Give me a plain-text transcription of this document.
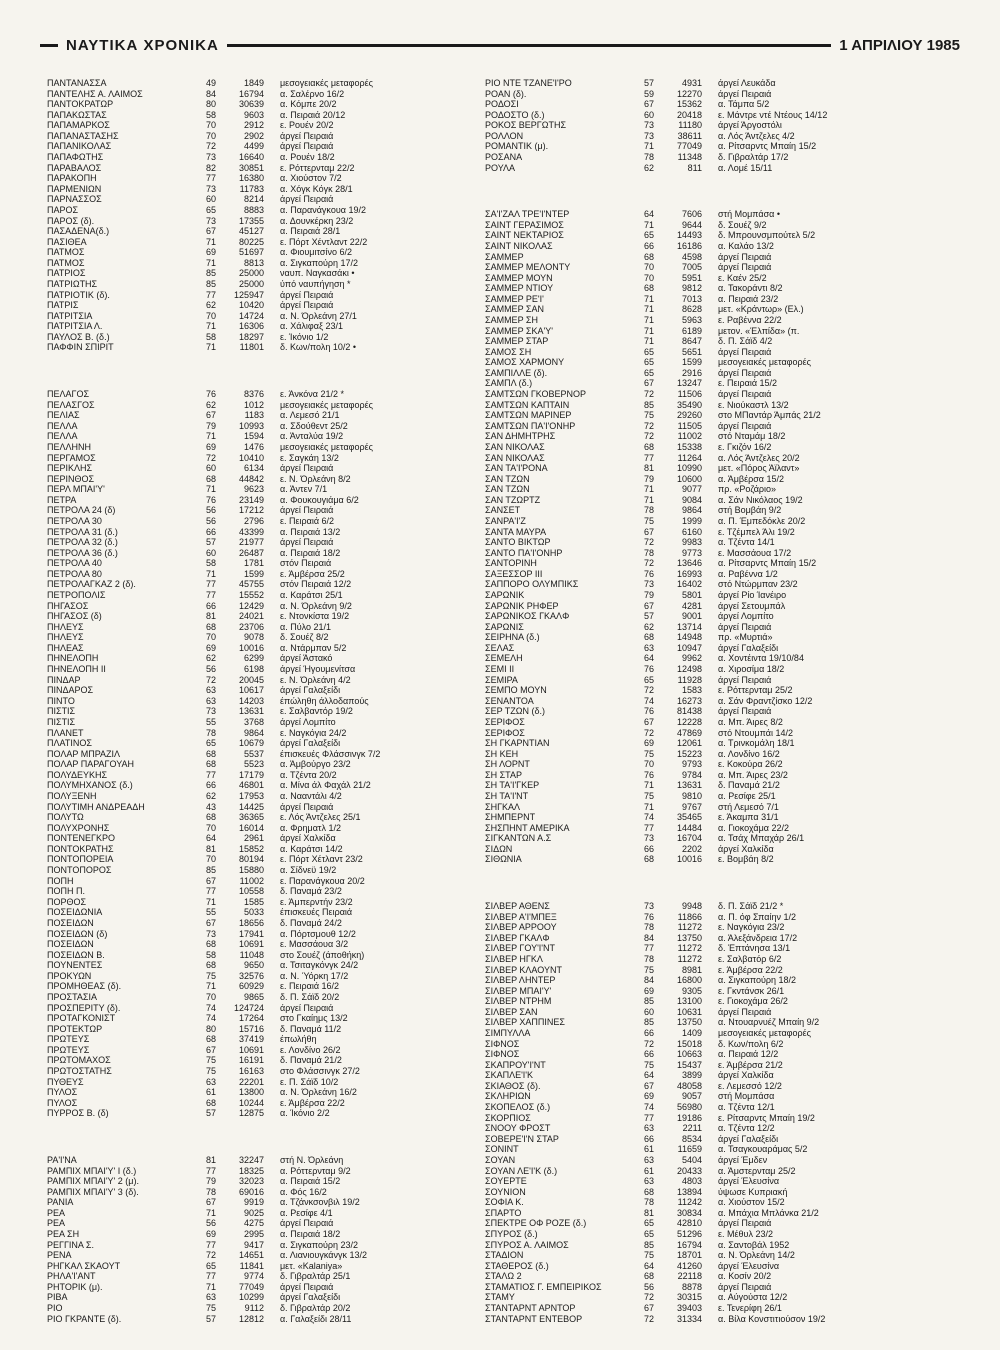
ΝΑΥΤΙΚΑ ΧΡΟΝΙΚΑ	1 ΑΠΡΙΛΙΟΥ 1985
ΠΑΝΤΑΝΑΣΣΑ	49	1849	μεσογειακές μεταφορές
ΠΑΝΤΕΛΗΣ Α. ΛΑΙΜΟΣ	84	16794	α. Σαλέρνο 16/2
ΠΑΝΤΟΚΡΑΤΩΡ	80	30639	α. Κόμπε 20/2
ΠΑΠΑΚΩΣΤΑΣ	58	9603	α. Πειραιά 20/12
ΠΑΠΑΜΑΡΚΟΣ	70	2912	ε. Ρουέν 20/2
ΠΑΠΑΝΑΣΤΑΣΗΣ	70	2902	άργεί Πειραιά
ΠΑΠΑΝΙΚΟΛΑΣ	72	4499	άργεί Πειραιά
ΠΑΠΑΦΩΤΗΣ	73	16640	α. Ρουέν 18/2
ΠΑΡΑΒΑΛΟΣ	82	30851	ε. Ρόττερνταμ 22/2
ΠΑΡΑΚΟΠΗ	77	16380	α. Χιούστον 7/2
ΠΑΡΜΕΝΙΩΝ	73	11783	α. Χόγκ Κόγκ 28/1
ΠΑΡΝΑΣΣΟΣ	60	8214	άργεί Πειραιά
ΠΑΡΟΣ	65	8883	α. Παρανάγκουα 19/2
ΠΑΡΟΣ (δ).	73	17355	α. Δουνκέρκη 23/2
ΠΑΣΑΔΕΝΑ(δ.)	67	45127	α. Πειραιά 28/1
ΠΑΣΙΘΕΑ	71	80225	ε. Πόρτ Χέντλαντ 22/2
ΠΑΤΜΟΣ	69	51697	α. Φιουμιτσίνο 6/2
ΠΑΤΜΟΣ	71	8813	α. Σιγκαπούρη 17/2
ΠΑΤΡΙΟΣ	85	25000	ναυπ. Ναγκασάκι •
ΠΑΤΡΙΩΤΗΣ	85	25000	ύπό ναυπήγηση *
ΠΑΤΡΙΟΤΙΚ (δ).	77	125947	άργεί Πειραιά
ΠΑΤΡΙΣ	62	10420	άργεί Πειραιά
ΠΑΤΡΙΤΣΙΑ	70	14724	α. Ν. Όρλεάνη 27/1
ΠΑΤΡΙΤΣΙΑ Λ.	71	16306	α. Χάλιφαξ 23/1
ΠΑΥΛΟΣ Β. (δ.)	58	18297	ε. Ίκόνιο 1/2
ΠΑΦΦΙΝ ΣΠΙΡΙΤ	71	11801	δ. Κων/πολη 10/2 •
ΠΕΛΑΓΟΣ	76	8376	ε. Άνκόνα 21/2 *
ΠΕΛΑΣΓΟΣ	62	1012	μεσογειακές μεταφορές
ΠΕΛΙΑΣ	67	1183	α. Λεμεσό 21/1
ΠΕΛΛΑ	79	10993	α. Σδούθεντ 25/2
ΠΕΛΛΑ	71	1594	α. Άνταλύα 19/2
ΠΕΛΛΗΝΗ	69	1476	μεσογειακές μεταφορές
ΠΕΡΓΑΜΟΣ	72	10410	ε. Σαγκάη 13/2
ΠΕΡΙΚΛΗΣ	60	6134	άργεί Πειραιά
ΠΕΡΙΝΘΟΣ	68	44842	ε. Ν. Όρλεάνη 8/2
ΠΕΡΛ ΜΠΑΙ'Υ'	71	9623	α. Άντεν 7/1
ΠΕΤΡΑ	76	23149	α. Φουκουγιάμα 6/2
ΠΕΤΡΟΛΑ 24 (δ)	56	17212	άργεί Πειραιά
ΠΕΤΡΟΛΑ 30	56	2796	ε. Πειραιά 6/2
ΠΕΤΡΟΛΑ 31 (δ.)	66	43399	α. Πειραιά 13/2
ΠΕΤΡΟΛΑ 32 (δ.)	57	21977	άργεί Πειραιά
ΠΕΤΡΟΛΑ 36 (δ.)	60	26487	α. Πειραιά 18/2
ΠΕΤΡΟΛΑ 40	58	1781	στόν Πειραιά
ΠΕΤΡΟΛΑ 80	71	1599	ε. Άμβέρσα 25/2
ΠΕΤΡΟΛΑΓΚΑΖ 2 (δ).	77	45755	στόν Πειραιά 12/2
ΠΕΤΡΟΠΟΛΙΣ	77	15552	α. Καράτσι 25/1
ΠΗΓΑΣΟΣ	66	12429	α. Ν. Όρλεάνη 9/2
ΠΗΓΑΣΟΣ (δ)	81	24021	ε. Ντονκίστα 19/2
ΠΗΛΕΥΣ	68	23706	α. Πύλο 21/1
ΠΗΛΕΥΣ	70	9078	δ. Σουέζ 8/2
ΠΗΛΕΑΣ	69	10016	α. Ντάρμπαν 5/2
ΠΗΝΕΛΟΠΗ	62	6299	άργεί Άστακό
ΠΗΝΕΛΟΠΗ ΙΙ	56	6198	άργεί Ήγουμενίτσα
ΠΙΝΔΑΡ	72	20045	ε. Ν. Όρλεάνη 4/2
ΠΙΝΔΑΡΟΣ	63	10617	άργεί Γαλαξείδι
ΠΙΝΤΟ	63	14203	έπώληθη άλλοδαπούς
ΠΙΣΤΙΣ	73	13631	ε. Σαλβαντόρ 19/2
ΠΙΣΤΙΣ	55	3768	άργεί Λομπίτο
ΠΛΑΝΕΤ	78	9864	ε. Ναγκόγια 24/2
ΠΛΑΤΙΝΟΣ	65	10679	άργεί Γαλαξείδι
ΠΟΛΑΡ ΜΠΡΑΖΙΛ	68	5537	έπισκευές Φλάσσινγκ 7/2
ΠΟΛΑΡ ΠΑΡΑΓΟΥΑΗ	68	5523	α. Άμβούργο 23/2
ΠΟΛΥΔΕΥΚΗΣ	77	17179	α. Τζέντα 20/2
ΠΟΛΥΜΗΧΑΝΟΣ (δ.)	66	46801	α. Μίνα άλ Φαχάλ 21/2
ΠΟΛΥΞΕΝΗ	62	17953	α. Νααντάλι 4/2
ΠΟΛΥΤΙΜΗ ΑΝΔΡΕΑΔΗ	43	14425	άργεί Πειραιά
ΠΟΛΥΤΩ	68	36365	ε. Λός Άντζελες 25/1
ΠΟΛΥΧΡΟΝΗΣ	70	16014	α. Φρηματλ 1/2
ΠΟΝΤΕΝΕΓΚΡΟ	64	2961	άργεί Χαλκίδα
ΠΟΝΤΟΚΡΑΤΗΣ	81	15852	α. Καράτσι 14/2
ΠΟΝΤΟΠΟΡΕΙΑ	70	80194	ε. Πόρτ Χέτλαντ 23/2
ΠΟΝΤΟΠΟΡΟΣ	85	15880	α. Σίδνεϋ 19/2
ΠΟΠΗ	67	11002	ε. Παρανάγκουα 20/2
ΠΟΠΗ Π.	77	10558	δ. Παναμά 23/2
ΠΟΡΘΟΣ	71	1585	ε. Άμπερντήν 23/2
ΠΟΣΕΙΔΩΝΙΑ	55	5033	έπισκευές Πειραιά
ΠΟΣΕΙΔΩΝ	67	18656	δ. Παναμά 24/2
ΠΟΣΕΙΔΩΝ (δ)	73	17941	α. Πόρτσμουθ 12/2
ΠΟΣΕΙΔΩΝ	68	10691	ε. Μασσάουα 3/2
ΠΟΣΕΙΔΩΝ Β.	58	11048	στο Σουέζ (άποθήκη)
ΠΟΥΝΕΝΤΕΣ	68	9650	α. Τσιταγκόνγκ 24/2
ΠΡΟΚΥΩΝ	75	32576	α. Ν. Ύόρκη 17/2
ΠΡΟΜΗΘΕΑΣ (δ).	71	60929	ε. Πειραιά 16/2
ΠΡΟΣΤΑΣΙΑ	70	9865	δ. Π. Σάϊδ 20/2
ΠΡΟΣΠΕΡΙΤΥ (δ).	74	124724	άργεί Πειραιά
ΠΡΟΤΑΓΚΟΝΙΣΤ	74	17264	στο Γκαίημς 13/2
ΠΡΟΤΕΚΤΩΡ	80	15716	δ. Παναμά 11/2
ΠΡΩΤΕΥΣ	68	37419	έπωλήθη
ΠΡΩΤΕΥΣ	67	10691	ε. Λονδίνο 26/2
ΠΡΩΤΟΜΑΧΟΣ	75	16191	δ. Παναμά 21/2
ΠΡΩΤΟΣΤΑΤΗΣ	75	16163	στο Φλάσσινγκ 27/2
ΠΥΘΕΥΣ	63	22201	ε. Π. Σάϊδ 10/2
ΠΥΛΟΣ	61	13800	α. Ν. Όρλεάνη 16/2
ΠΥΛΟΣ	68	10244	ε. Άμβέρσα 22/2
ΠΥΡΡΟΣ Β. (δ)	57	12875	α. Ίκόνιο 2/2
ΡΑ'Ι'ΝΑ	81	32247	στή Ν. Όρλεάνη
ΡΑΜΠΙΧ ΜΠΑΙ'Υ' Ι (δ.)	77	18325	α. Ρόττερνταμ 9/2
ΡΑΜΠΙΧ ΜΠΑΙ'Υ' 2 (μ).	79	32023	α. Πειραιά 15/2
ΡΑΜΠΙΧ ΜΠΑΙ'Υ' 3 (δ).	78	69016	α. Φός 16/2
ΡΑΝΙΑ	67	9919	α. Τζάνκσονβιλ 19/2
ΡΕΑ	71	9025	α. Ρεσίφε 4/1
ΡΕΑ	56	4275	άργεί Πειραιά
ΡΕΑ ΣΗ	69	2995	α. Πειραιά 18/2
ΡΕΓΓΙΝΑ Σ.	77	9417	α. Σιγκαπούρη 23/2
ΡΕΝΑ	72	14651	α. Λιανιουγκάνγκ 13/2
ΡΗΓΚΑΛ ΣΚΑΟΥΤ	65	11841	μετ. «Kalaniya»
ΡΗΛΑ'Ι'ΑΝΤ	77	9774	δ. Γιβραλτάρ 25/1
ΡΗΤΟΡΙΚ (μ).	71	77049	άργεί Πειραιά
ΡΙΒΑ	63	10299	άργεί Γαλαξείδι
ΡΙΟ	75	9112	δ. Γιβραλτάρ 20/2
ΡΙΟ ΓΚΡΑΝΤΕ (δ).	57	12812	α. Γαλαξείδι 28/11
ΡΙΟ ΝΤΕ ΤΖΑΝΕ'Ι'ΡΟ	57	4931	άργεί Λευκάδα
ΡΟΑΝ (δ).	59	12270	άργεί Πειραιά
ΡΟΔΟΣΙ	67	15362	α. Τάμπα 5/2
ΡΟΔΟΣΤΟ (δ.)	60	20418	ε. Μάντρε ντέ Ντέους 14/12
ΡΟΚΟΣ ΒΕΡΓΩΤΗΣ	73	11180	άργεί Άργοστόλι
ΡΟΛΛΟΝ	73	38611	α. Λός Άντζελες 4/2
ΡΟΜΑΝΤΙΚ (μ).	71	77049	α. Ρίτσαρντς Μπαίη 15/2
ΡΟΣΑΝΑ	78	11348	δ. Γιβραλτάρ 17/2
ΡΟΥΛΑ	62	811	α. Λομέ 15/11
ΣΑ'Ι'ΖΑΛ ΤΡΕ'Ι'ΝΤΕΡ	64	7606	στή Μομπάσα •
ΣΑΙΝΤ ΓΕΡΑΣΙΜΟΣ	71	9644	δ. Σουέζ 9/2
ΣΑΙΝΤ ΝΕΚΤΑΡΙΟΣ	65	14493	δ. Μπρουνσμπούτελ 5/2
ΣΑΙΝΤ ΝΙΚΟΛΑΣ	66	16186	α. Καλάο 13/2
ΣΑΜΜΕΡ	68	4598	άργεί Πειραιά
ΣΑΜΜΕΡ ΜΕΛΟΝΤΥ	70	7005	άργεί Πειραιά
ΣΑΜΜΕΡ ΜΟΥΝ	70	5951	ε. Καέν 25/2
ΣΑΜΜΕΡ ΝΤΙΟΥ	68	9812	α. Τακοράντι 8/2
ΣΑΜΜΕΡ ΡΕ'Ι'	71	7013	α. Πειραιά 23/2
ΣΑΜΜΕΡ ΣΑΝ	71	8628	μετ. «Κράντωρ» (Ελ.)
ΣΑΜΜΕΡ ΣΗ	71	5963	ε. Ραβέννα 22/2
ΣΑΜΜΕΡ ΣΚΑ'Υ'	71	6189	μετον. «Έλπίδα» (π.
ΣΑΜΜΕΡ ΣΤΑΡ	71	8647	δ. Π. Σάϊδ 4/2
ΣΑΜΟΣ ΣΗ	65	5651	άργεί Πειραιά
ΣΑΜΟΣ ΧΑΡΜΟΝΥ	65	1599	μεσογειακές μεταφορές
ΣΑΜΠΙΛΛΕ (δ).	65	2916	άργεί Πειραιά
ΣΑΜΠΛ (δ.)	67	13247	ε. Πειραιά 15/2
ΣΑΜΤΣΩΝ ΓΚΟΒΕΡΝΟΡ	72	11506	άργεί Πειραιά
ΣΑΜΤΣΩΝ ΚΑΠΤΑΙΝ	85	35490	ε. Νιούκαστλ 13/2
ΣΑΜΤΣΩΝ ΜΑΡΙΝΕΡ	75	29260	στο ΜΠαντάρ Άμπάς 21/2
ΣΑΜΤΣΩΝ ΠΑ'Ι'ΟΝΗΡ	72	11505	άργεί Πειραιά
ΣΑΝ ΔΗΜΗΤΡΗΣ	72	11002	στό Νταμάμ 18/2
ΣΑΝ ΝΙΚΟΛΑΣ	68	15338	ε. Γκιζόν 16/2
ΣΑΝ ΝΙΚΟΛΑΣ	77	11264	α. Λός Άντζελες 20/2
ΣΑΝ ΤΑ'Ι'ΡΟΝΑ	81	10990	μετ. «Πόρος Άϊλαντ»
ΣΑΝ ΤΖΩΝ	79	10600	α. Άμβέρσα 15/2
ΣΑΝ ΤΖΩΝ	71	9077	πρ. «Ροζάριο»
ΣΑΝ ΤΖΩΡΤΖ	71	9084	α. Σάν Νικόλαος 19/2
ΣΑΝΣΕΤ	78	9864	στή Βομβάη 9/2
ΣΑΝΡΑ'Ι'Ζ	75	1999	α. Π. Έμπεδόκλε 20/2
ΣΑΝΤΑ ΜΑΥΡΑ	67	6160	ε. Τζέμπελ Άλι 19/2
ΣΑΝΤΟ ΒΙΚΤΩΡ	72	9983	α. Τζέντα 14/1
ΣΑΝΤΟ ΠΑ'Ι'ΟΝΗΡ	78	9773	ε. Μασσάουα 17/2
ΣΑΝΤΟΡΙΝΗ	72	13646	α. Ρίτσαρντς Μπαίη 15/2
ΣΑΞΕΣΣΟΡ ΙΙΙ	76	16993	α. Ραβέννα 1/2
ΣΑΠΠΟΡΟ ΟΛΥΜΠΙΚΣ	73	16402	στό Ντώρμπαν 23/2
ΣΑΡΩΝΙΚ	79	5801	άργεί Ρίο Ίανέιρο
ΣΑΡΩΝΙΚ ΡΗΦΕΡ	67	4281	άργεί Σετουμπάλ
ΣΑΡΩΝΙΚΟΣ ΓΚΑΛΦ	57	9001	άργεί Λομπίτο
ΣΑΡΩΝΙΣ	62	13714	άργεί Πειραιά
ΣΕΙΡΗΝΑ (δ.)	68	14948	πρ. «Μυρτιά»
ΣΕΛΑΣ	63	10947	άργεί Γαλαξείδι
ΣΕΜΕΛΗ	64	9962	α. Χοντέιντα 19/10/84
ΣΕΜΙ ΙΙ	76	12498	α. Χιροσίμα 18/2
ΣΕΜΙΡΑ	65	11928	άργεί Πειραιά
ΣΕΜΠΟ ΜΟΥΝ	72	1583	ε. Ρόττερνταμ 25/2
ΣΕΝΑΝΤΟΑ	74	16273	α. Σάν Φραντζίσκο 12/2
ΣΕΡ ΤΖΩΝ (δ.)	76	81438	άργεί Πειραιά
ΣΕΡΙΦΟΣ	67	12228	α. Μπ. Άιρες 8/2
ΣΕΡΙΦΟΣ	72	47869	στό Ντουμπάι 14/2
ΣΗ ΓΚΑΡΝΤΙΑΝ	69	12061	α. Τρινκομάλη 18/1
ΣΗ ΚΕΗ	75	15223	α. Λονδίνο 16/2
ΣΗ ΛΟΡΝΤ	70	9793	ε. Κοκούρα 26/2
ΣΗ ΣΤΑΡ	76	9784	α. Μπ. Άιρες 23/2
ΣΗ ΤΑ'Ι'ΓΚΕΡ	71	13631	δ. Παναμά 21/2
ΣΗ ΤΑ'Ι'ΝΤ	75	9810	α. Ρεσίφε 25/1
ΣΗΓΚΑΛ	71	9767	στή Λεμεσό 7/1
ΣΗΜΠΕΡΝΤ	74	35465	ε. Άκαμπα 31/1
ΣΗΣΠΗΝΤ ΑΜΕΡΙΚΑ	77	14484	α. Γιοκοχάμα 22/2
ΣΙΓΚΑΝΤΩΝ Α.Σ	73	16704	α. Τσάχ Μπαχάρ 26/1
ΣΙΔΩΝ	66	2202	άργεί Χαλκίδα
ΣΙΘΩΝΙΑ	68	10016	ε. Βομβάη 8/2
ΣΙΛΒΕΡ ΑΘΕΝΣ	73	9948	δ. Π. Σάϊδ 21/2 *
ΣΙΛΒΕΡ Α'Ι'ΜΠΕΞ	76	11866	α. Π. όφ Σπαίην 1/2
ΣΙΛΒΕΡ ΑΡΡΟΟΥ	78	11272	ε. Ναγκόγια 23/2
ΣΙΛΒΕΡ ΓΚΑΛΦ	84	13750	α. Άλεξάνδρεια 17/2
ΣΙΛΒΕΡ ΓΟΥ'Ι'ΝΤ	77	11272	δ. Έπτάνησα 13/1
ΣΙΛΒΕΡ ΗΓΚΛ	78	11272	ε. Σαλβατόρ 6/2
ΣΙΛΒΕΡ ΚΛΑΟΥΝΤ	75	8981	ε. Άμβέρσα 22/2
ΣΙΛΒΕΡ ΛΗΝΤΕΡ	84	16800	α. Σιγκαπούρη 18/2
ΣΙΛΒΕΡ ΜΠΑΙ'Υ'	69	9305	ε. Γκντάνσκ 26/1
ΣΙΛΒΕΡ ΝΤΡΗΜ	85	13100	ε. Γιοκοχάμα 26/2
ΣΙΛΒΕΡ ΣΑΝ	60	10631	άργεί Πειραιά
ΣΙΛΒΕΡ ΧΑΠΠΙΝΕΣ	85	13750	α. Ντουαρνυέζ Μπαίη 9/2
ΣΙΜΠΥΛΛΑ	66	1409	μεσογειακές μεταφορές
ΣΙΦΝΟΣ	72	15018	δ. Κων/πολη 6/2
ΣΙΦΝΟΣ	66	10663	α. Πειραιά 12/2
ΣΚΑΠΡΟΥ'Ι'ΝΤ	75	15437	ε. Άμβέρσα 21/2
ΣΚΑΠΛΕ'Ι'Κ	64	3899	άργεί Χαλκίδα
ΣΚΙΑΘΟΣ (δ).	67	48058	ε. Λεμεσσό 12/2
ΣΚΛΗΡΙΩΝ	69	9057	στή Μομπάσα
ΣΚΟΠΕΛΟΣ (δ.)	74	56980	α. Τζέντα 12/1
ΣΚΟΡΠΙΟΣ	77	19186	ε. Ρίτσαρντς Μπαίη 19/2
ΣΝΟΟΥ ΦΡΟΣΤ	63	2211	α. Τζέντα 12/2
ΣΟΒΕΡΕ'Ι'Ν ΣΤΑΡ	66	8534	άργεί Γαλαξείδι
ΣΟΝΙΝΤ	61	11659	α. Τσαγκουαράμας 5/2
ΣΟΥΑΝ	63	5404	άργεί Έμδεν
ΣΟΥΑΝ ΛΕ'Ι'Κ (δ.)	61	20433	α. Άμστερνταμ 25/2
ΣΟΥΕΡΤΕ	63	4803	άργεί Έλευσίνα
ΣΟΥΝΙΟΝ	68	13894	ύψωσε Κυπριακή
ΣΟΦΙΑ Κ.	78	11242	α. Χιούστον 15/2
ΣΠΑΡΤΟ	81	30834	α. Μπάχια Μπλάνκα 21/2
ΣΠΕΚΤΡΕ ΟΦ ΡΟΖΕ (δ.)	65	42810	άργεί Πειραιά
ΣΠΥΡΟΣ (δ.)	65	51296	ε. Μέθυλ 23/2
ΣΠΥΡΟΣ Α. ΛΑΙΜΟΣ	85	16794	α. Σαντοβάλ 1952
ΣΤΑΔΙΟΝ	75	18701	α. Ν. Όρλεάνη 14/2
ΣΤΑΘΕΡΟΣ (δ.)	64	41260	άργεί Έλευσίνα
ΣΤΑΛΩ 2	68	22118	α. Κοσίν 20/2
ΣΤΑΜΑΤΙΟΣ Γ. ΕΜΠΕΙΡΙΚΟΣ	56	8878	άργεί Πειραιά
ΣΤΑΜΥ	72	30315	α. Αύγούστα 12/2
ΣΤΑΝΤΑΡΝΤ ΑΡΝΤΟΡ	67	39403	ε. Τενερίφη 26/1
ΣΤΑΝΤΑΡΝΤ ΕΝΤΕΒΟΡ	72	31334	α. Βίλα Κονστιτιούσον 19/2
